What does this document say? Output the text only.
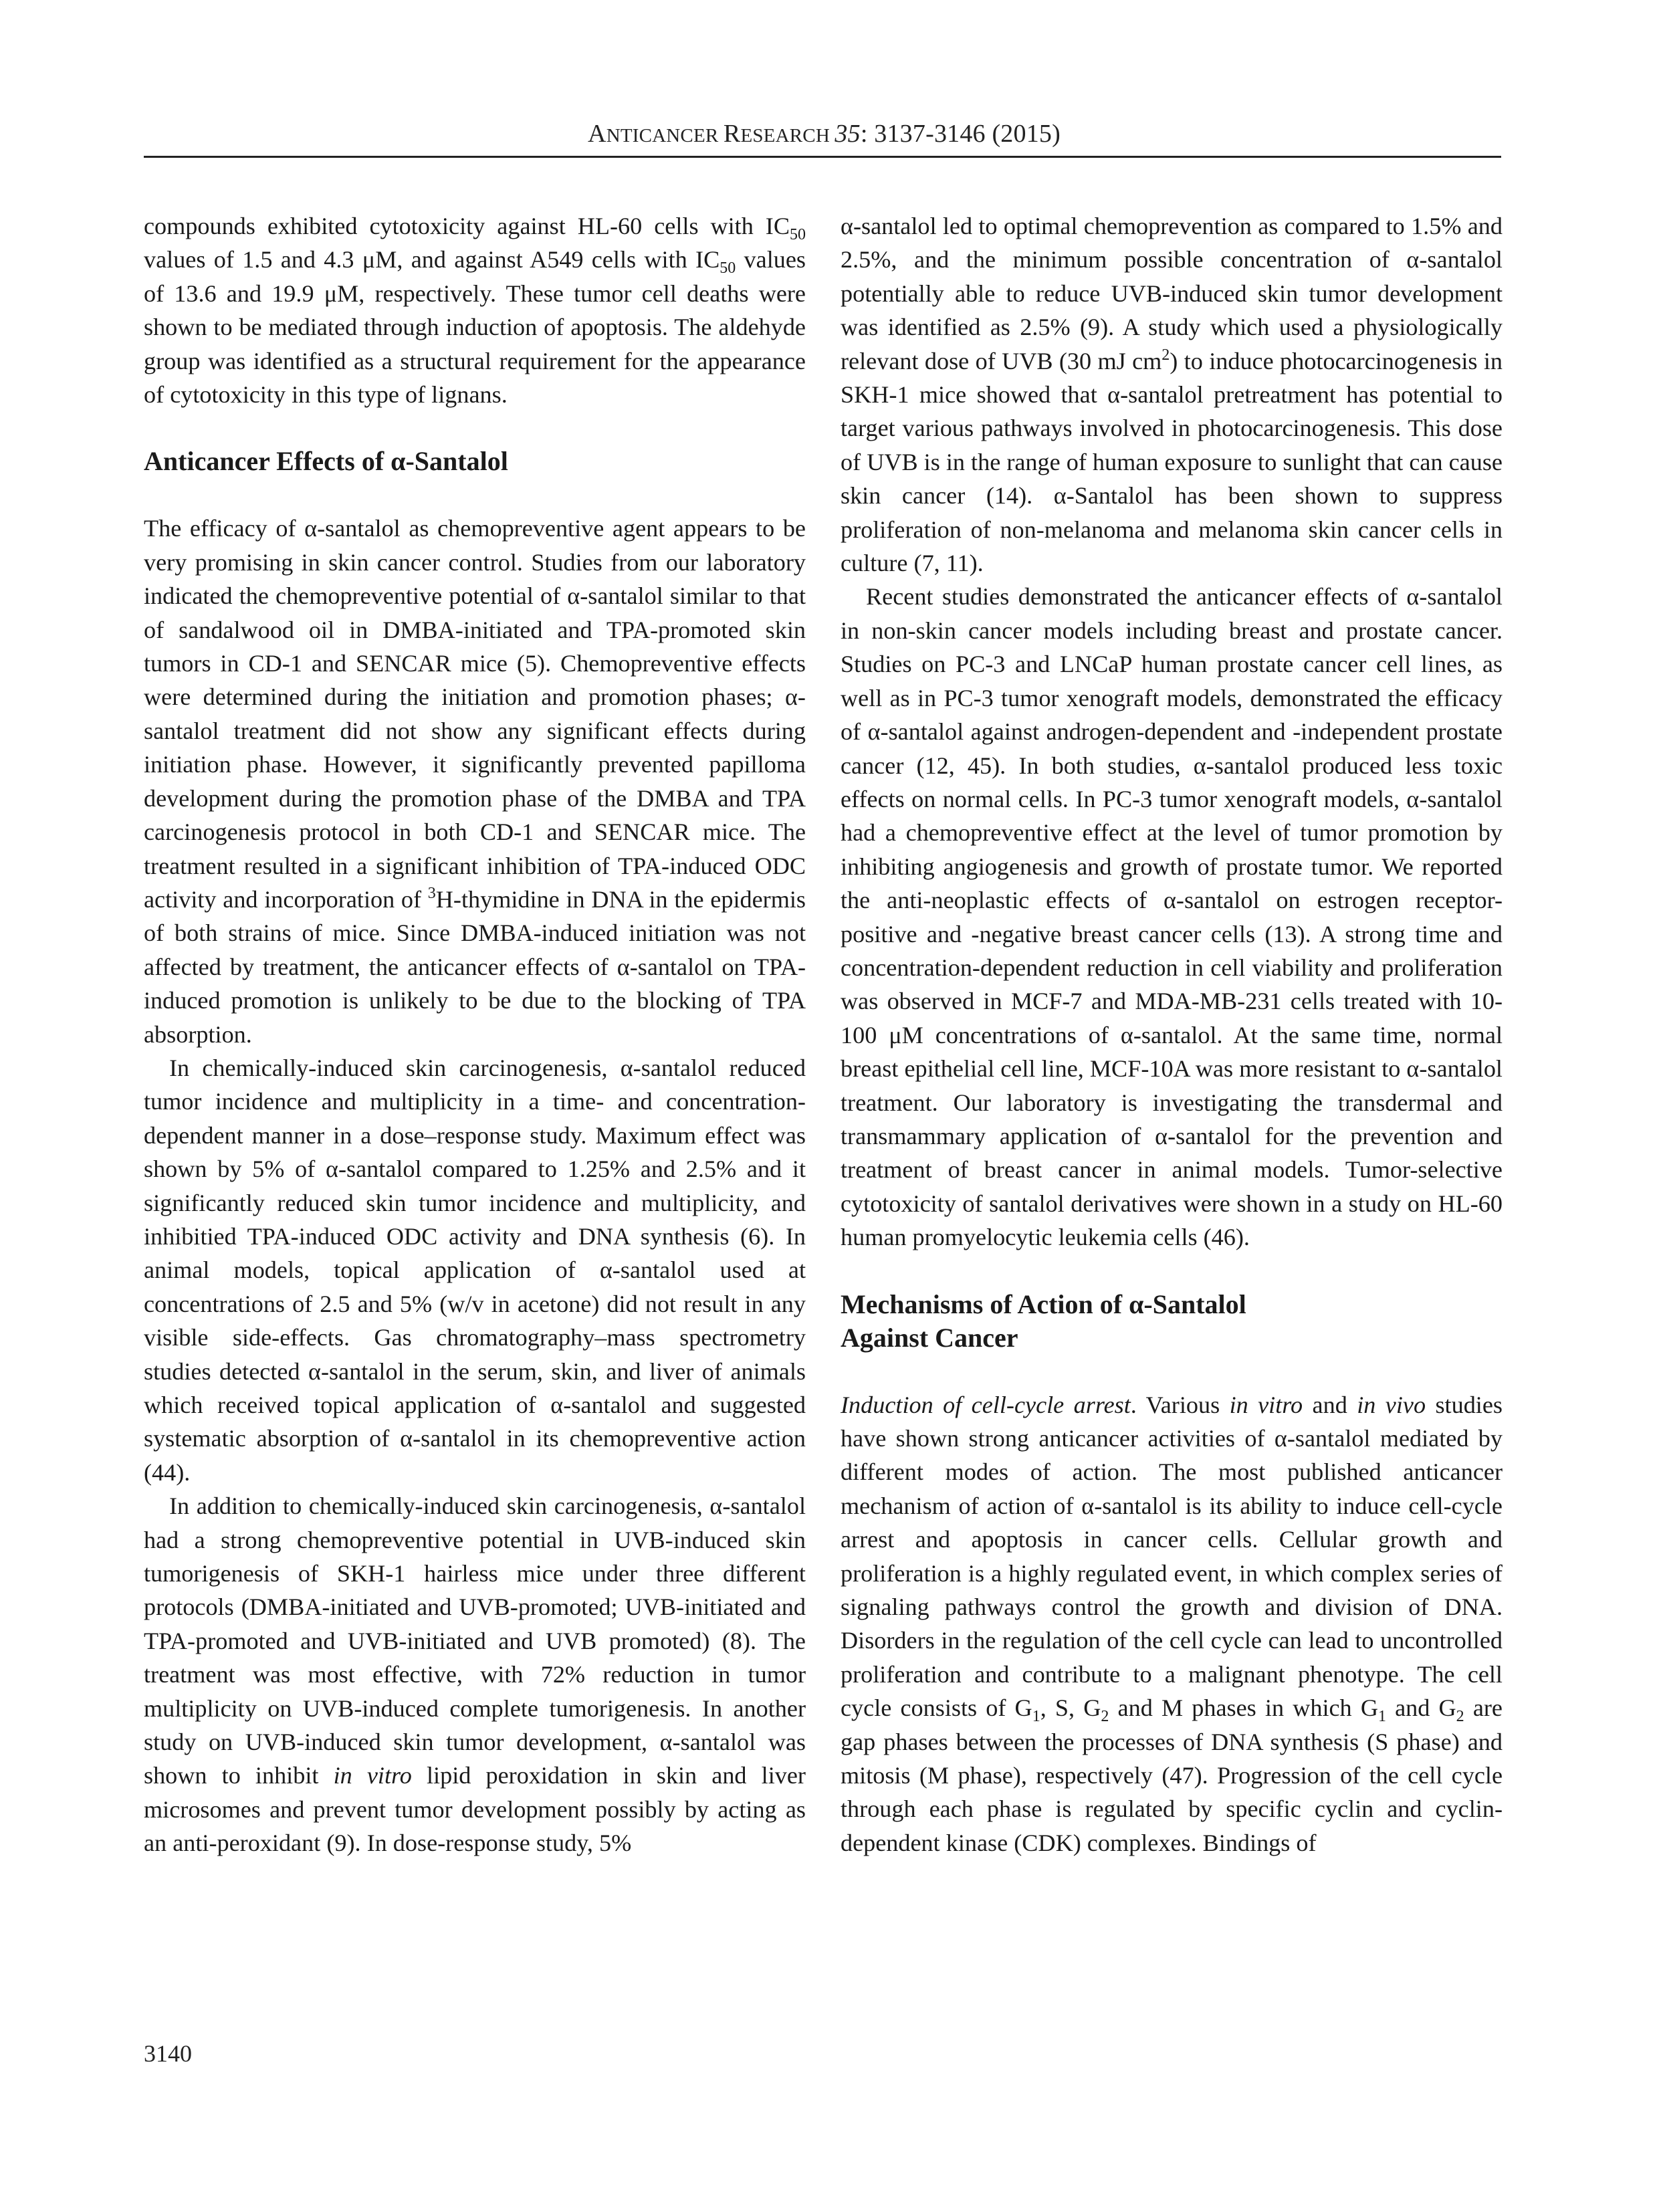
ANTICANCER RESEARCH 35: 3137-3146 (2015)

compounds exhibited cytotoxicity against HL-60 cells with $IC_{50}$ values of 1.5 and 4.3 μM, and against A549 cells with $IC_{50}$ values of 13.6 and 19.9 μM, respectively. These tumor cell deaths were shown to be mediated through induction of apoptosis. The aldehyde group was identified as a structural requirement for the appearance of cytotoxicity in this type of lignans.

Anticancer Effects of α-Santalol

The efficacy of α-santalol as chemopreventive agent appears to be very promising in skin cancer control. Studies from our laboratory indicated the chemopreventive potential of α-santalol similar to that of sandalwood oil in DMBA-initiated and TPA-promoted skin tumors in CD-1 and SENCAR mice (5). Chemopreventive effects were determined during the initiation and promotion phases; α-santalol treatment did not show any significant effects during initiation phase. However, it significantly prevented papilloma development during the promotion phase of the DMBA and TPA carcinogenesis protocol in both CD-1 and SENCAR mice. The treatment resulted in a significant inhibition of TPA-induced ODC activity and incorporation of $^3$H-thymidine in DNA in the epidermis of both strains of mice. Since DMBA-induced initiation was not affected by treatment, the anticancer effects of α-santalol on TPA-induced promotion is unlikely to be due to the blocking of TPA absorption.

In chemically-induced skin carcinogenesis, α-santalol reduced tumor incidence and multiplicity in a time- and concentration-dependent manner in a dose–response study. Maximum effect was shown by 5% of α-santalol compared to 1.25% and 2.5% and it significantly reduced skin tumor incidence and multiplicity, and inhibitied TPA-induced ODC activity and DNA synthesis (6). In animal models, topical application of α-santalol used at concentrations of 2.5 and 5% (w/v in acetone) did not result in any visible side-effects. Gas chromatography–mass spectrometry studies detected α-santalol in the serum, skin, and liver of animals which received topical application of α-santalol and suggested systematic absorption of α-santalol in its chemopreventive action (44).

In addition to chemically-induced skin carcinogenesis, α-santalol had a strong chemopreventive potential in UVB-induced skin tumorigenesis of SKH-1 hairless mice under three different protocols (DMBA-initiated and UVB-promoted; UVB-initiated and TPA-promoted and UVB-initiated and UVB promoted) (8). The treatment was most effective, with 72% reduction in tumor multiplicity on UVB-induced complete tumorigenesis. In another study on UVB-induced skin tumor development, α-santalol was shown to inhibit in vitro lipid peroxidation in skin and liver microsomes and prevent tumor development possibly by acting as an anti-peroxidant (9). In dose-response study, 5%

α-santalol led to optimal chemoprevention as compared to 1.5% and 2.5%, and the minimum possible concentration of α-santalol potentially able to reduce UVB-induced skin tumor development was identified as 2.5% (9). A study which used a physiologically relevant dose of UVB (30 mJ $cm^2$) to induce photocarcinogenesis in SKH-1 mice showed that α-santalol pretreatment has potential to target various pathways involved in photocarcinogenesis. This dose of UVB is in the range of human exposure to sunlight that can cause skin cancer (14). α-Santalol has been shown to suppress proliferation of non-melanoma and melanoma skin cancer cells in culture (7, 11).

Recent studies demonstrated the anticancer effects of α-santalol in non-skin cancer models including breast and prostate cancer. Studies on PC-3 and LNCaP human prostate cancer cell lines, as well as in PC-3 tumor xenograft models, demonstrated the efficacy of α-santalol against androgen-dependent and -independent prostate cancer (12, 45). In both studies, α-santalol produced less toxic effects on normal cells. In PC-3 tumor xenograft models, α-santalol had a chemopreventive effect at the level of tumor promotion by inhibiting angiogenesis and growth of prostate tumor. We reported the anti-neoplastic effects of α-santalol on estrogen receptor-positive and -negative breast cancer cells (13). A strong time and concentration-dependent reduction in cell viability and proliferation was observed in MCF-7 and MDA-MB-231 cells treated with 10-100 μM concentrations of α-santalol. At the same time, normal breast epithelial cell line, MCF-10A was more resistant to α-santalol treatment. Our laboratory is investigating the transdermal and transmammary application of α-santalol for the prevention and treatment of breast cancer in animal models. Tumor-selective cytotoxicity of santalol derivatives were shown in a study on HL-60 human promyelocytic leukemia cells (46).

Mechanisms of Action of α-Santalol
Against Cancer

Induction of cell-cycle arrest. Various in vitro and in vivo studies have shown strong anticancer activities of α-santalol mediated by different modes of action. The most published anticancer mechanism of action of α-santalol is its ability to induce cell-cycle arrest and apoptosis in cancer cells. Cellular growth and proliferation is a highly regulated event, in which complex series of signaling pathways control the growth and division of DNA. Disorders in the regulation of the cell cycle can lead to uncontrolled proliferation and contribute to a malignant phenotype. The cell cycle consists of $G_1$, S, $G_2$ and M phases in which $G_1$ and $G_2$ are gap phases between the processes of DNA synthesis (S phase) and mitosis (M phase), respectively (47). Progression of the cell cycle through each phase is regulated by specific cyclin and cyclin-dependent kinase (CDK) complexes. Bindings of

3140
